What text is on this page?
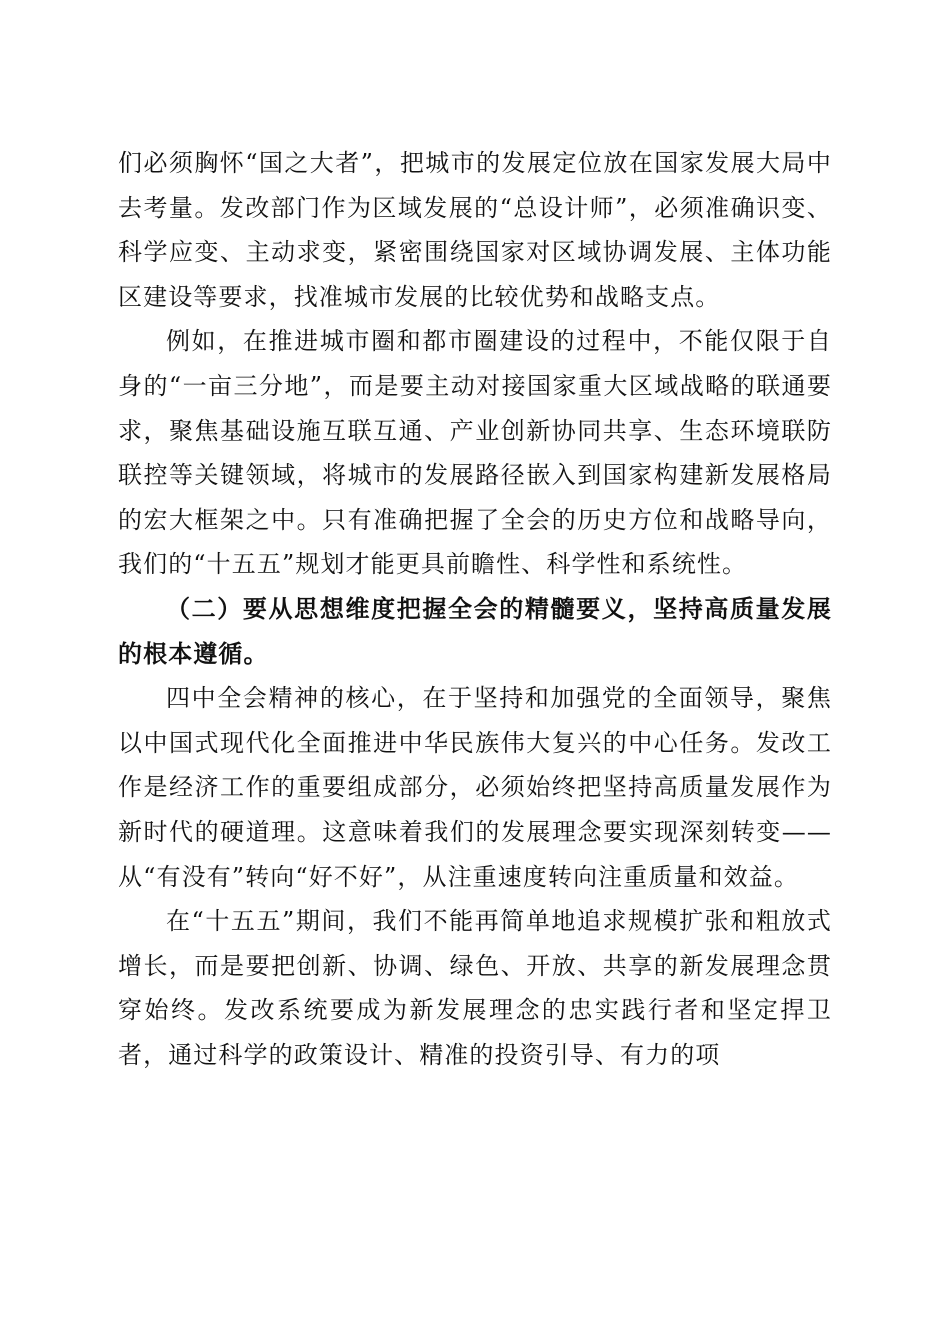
们必须胸怀“国之大者”，把城市的发展定位放在国家发展大局中去考量。发改部门作为区域发展的“总设计师”，必须准确识变、科学应变、主动求变，紧密围绕国家对区域协调发展、主体功能区建设等要求，找准城市发展的比较优势和战略支点。

例如，在推进城市圈和都市圈建设的过程中，不能仅限于自身的“一亩三分地”，而是要主动对接国家重大区域战略的联通要求，聚焦基础设施互联互通、产业创新协同共享、生态环境联防联控等关键领域，将城市的发展路径嵌入到国家构建新发展格局的宏大框架之中。只有准确把握了全会的历史方位和战略导向，我们的“十五五”规划才能更具前瞻性、科学性和系统性。

（二）要从思想维度把握全会的精髓要义，坚持高质量发展的根本遵循。

四中全会精神的核心，在于坚持和加强党的全面领导，聚焦以中国式现代化全面推进中华民族伟大复兴的中心任务。发改工作是经济工作的重要组成部分，必须始终把坚持高质量发展作为新时代的硬道理。这意味着我们的发展理念要实现深刻转变——从“有没有”转向“好不好”，从注重速度转向注重质量和效益。

在“十五五”期间，我们不能再简单地追求规模扩张和粗放式增长，而是要把创新、协调、绿色、开放、共享的新发展理念贯穿始终。发改系统要成为新发展理念的忠实践行者和坚定捍卫者，通过科学的政策设计、精准的投资引导、有力的项
